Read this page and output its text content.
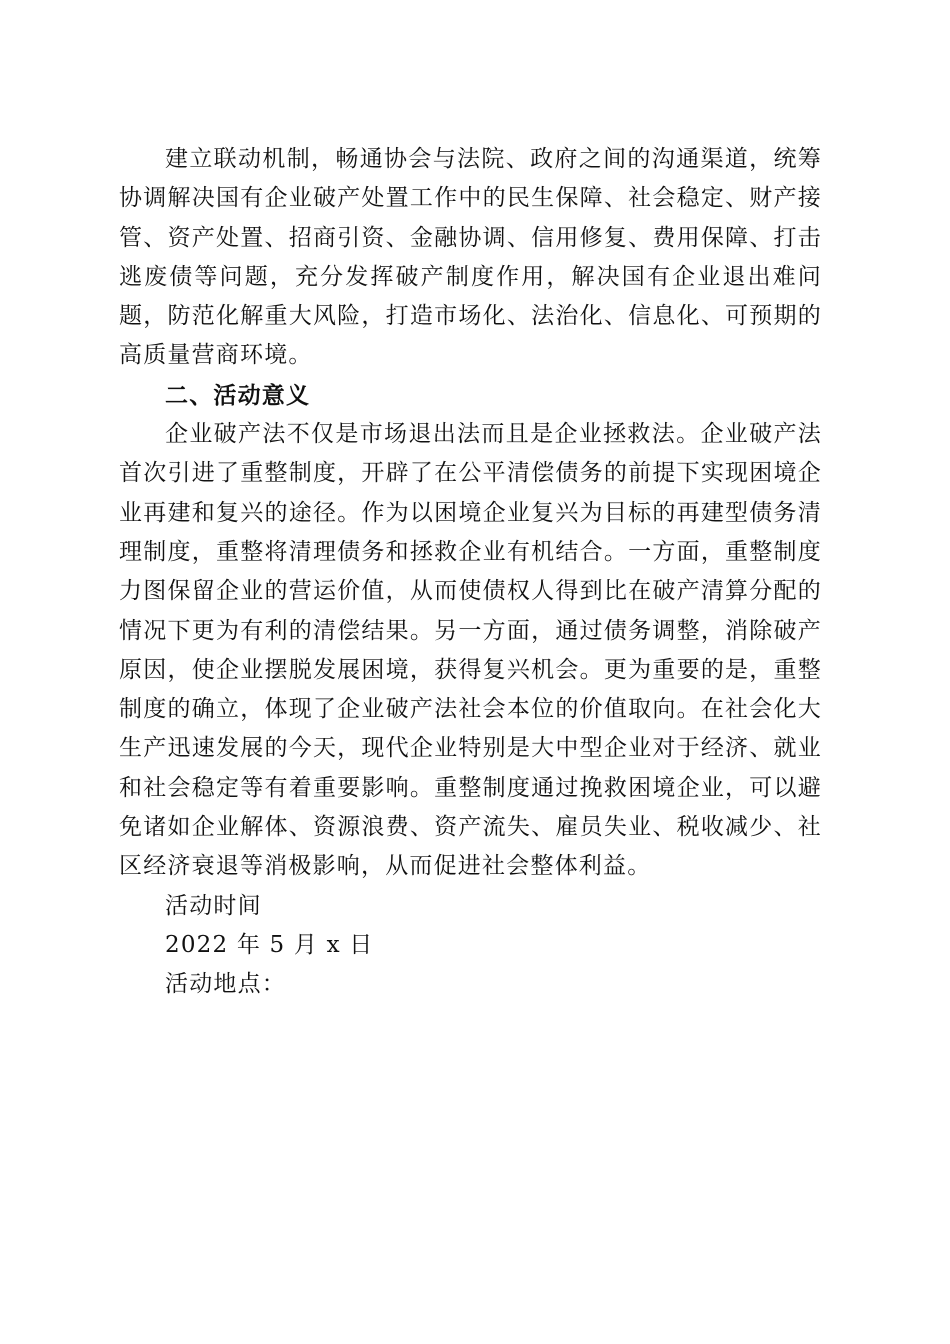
建立联动机制，畅通协会与法院、政府之间的沟通渠道，统筹协调解决国有企业破产处置工作中的民生保障、社会稳定、财产接管、资产处置、招商引资、金融协调、信用修复、费用保障、打击逃废债等问题，充分发挥破产制度作用，解决国有企业退出难问题，防范化解重大风险，打造市场化、法治化、信息化、可预期的高质量营商环境。

二、活动意义

企业破产法不仅是市场退出法而且是企业拯救法。企业破产法首次引进了重整制度，开辟了在公平清偿债务的前提下实现困境企业再建和复兴的途径。作为以困境企业复兴为目标的再建型债务清理制度，重整将清理债务和拯救企业有机结合。一方面，重整制度力图保留企业的营运价值，从而使债权人得到比在破产清算分配的情况下更为有利的清偿结果。另一方面，通过债务调整，消除破产原因，使企业摆脱发展困境，获得复兴机会。更为重要的是，重整制度的确立，体现了企业破产法社会本位的价值取向。在社会化大生产迅速发展的今天，现代企业特别是大中型企业对于经济、就业和社会稳定等有着重要影响。重整制度通过挽救困境企业，可以避免诸如企业解体、资源浪费、资产流失、雇员失业、税收减少、社区经济衰退等消极影响，从而促进社会整体利益。

活动时间

2022 年 5 月 x 日

活动地点：
